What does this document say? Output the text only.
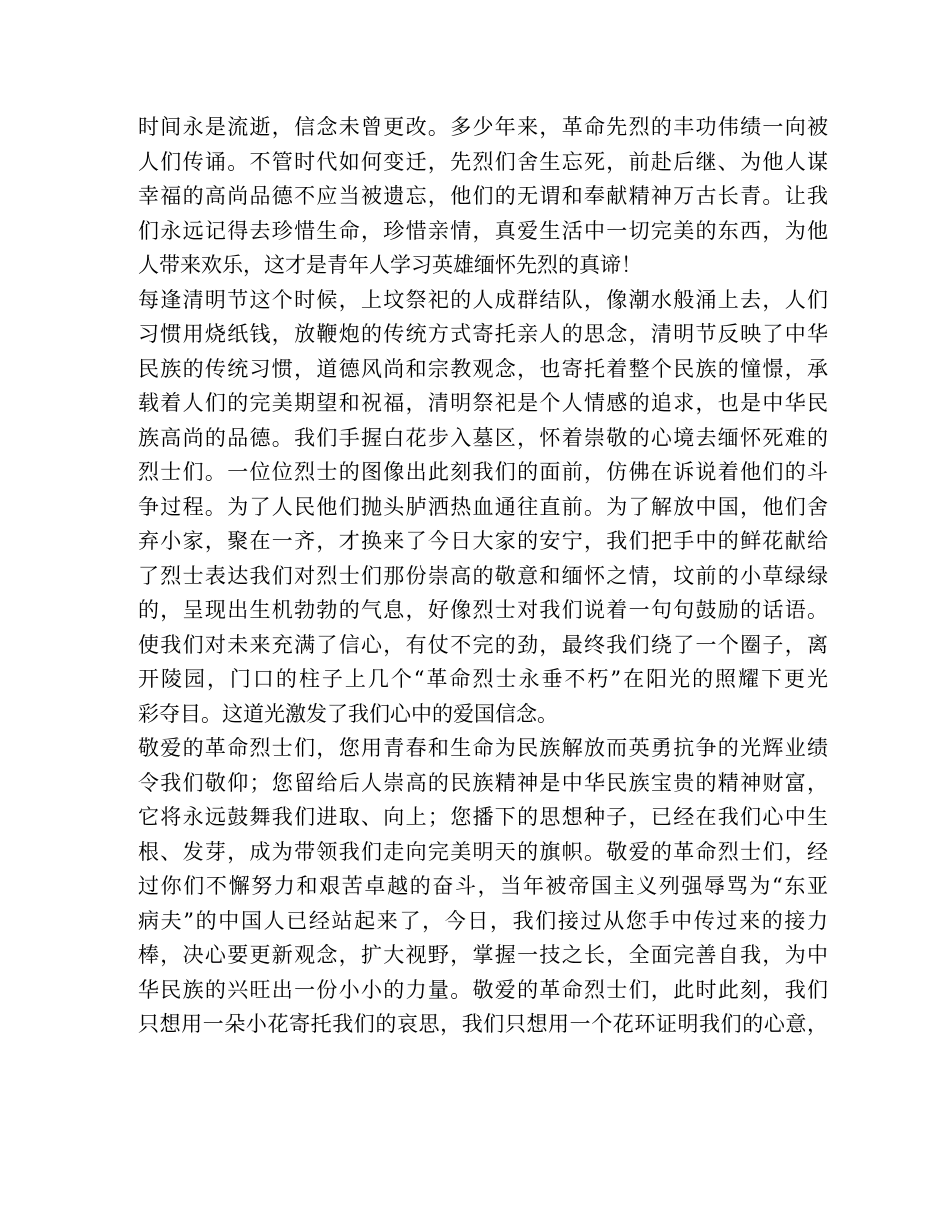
时间永是流逝，信念未曾更改。多少年来，革命先烈的丰功伟绩一向被
人们传诵。不管时代如何变迁，先烈们舍生忘死，前赴后继、为他人谋
幸福的高尚品德不应当被遗忘，他们的无谓和奉献精神万古长青。让我
们永远记得去珍惜生命，珍惜亲情，真爱生活中一切完美的东西，为他
人带来欢乐，这才是青年人学习英雄缅怀先烈的真谛！
每逢清明节这个时候，上坟祭祀的人成群结队，像潮水般涌上去，人们
习惯用烧纸钱，放鞭炮的传统方式寄托亲人的思念，清明节反映了中华
民族的传统习惯，道德风尚和宗教观念，也寄托着整个民族的憧憬，承
载着人们的完美期望和祝福，清明祭祀是个人情感的追求，也是中华民
族高尚的品德。我们手握白花步入墓区，怀着崇敬的心境去缅怀死难的
烈士们。一位位烈士的图像出此刻我们的面前，仿佛在诉说着他们的斗
争过程。为了人民他们抛头胪洒热血通往直前。为了解放中国，他们舍
弃小家，聚在一齐，才换来了今日大家的安宁，我们把手中的鲜花献给
了烈士表达我们对烈士们那份崇高的敬意和缅怀之情，坟前的小草绿绿
的，呈现出生机勃勃的气息，好像烈士对我们说着一句句鼓励的话语。
使我们对未来充满了信心，有仗不完的劲，最终我们绕了一个圈子，离
开陵园，门口的柱子上几个“革命烈士永垂不朽”在阳光的照耀下更光
彩夺目。这道光激发了我们心中的爱国信念。
敬爱的革命烈士们，您用青春和生命为民族解放而英勇抗争的光辉业绩
令我们敬仰；您留给后人崇高的民族精神是中华民族宝贵的精神财富，
它将永远鼓舞我们进取、向上；您播下的思想种子，已经在我们心中生
根、发芽，成为带领我们走向完美明天的旗帜。敬爱的革命烈士们，经
过你们不懈努力和艰苦卓越的奋斗，当年被帝国主义列强辱骂为“东亚
病夫”的中国人已经站起来了，今日，我们接过从您手中传过来的接力
棒，决心要更新观念，扩大视野，掌握一技之长，全面完善自我，为中
华民族的兴旺出一份小小的力量。敬爱的革命烈士们，此时此刻，我们
只想用一朵小花寄托我们的哀思，我们只想用一个花环证明我们的心意，
